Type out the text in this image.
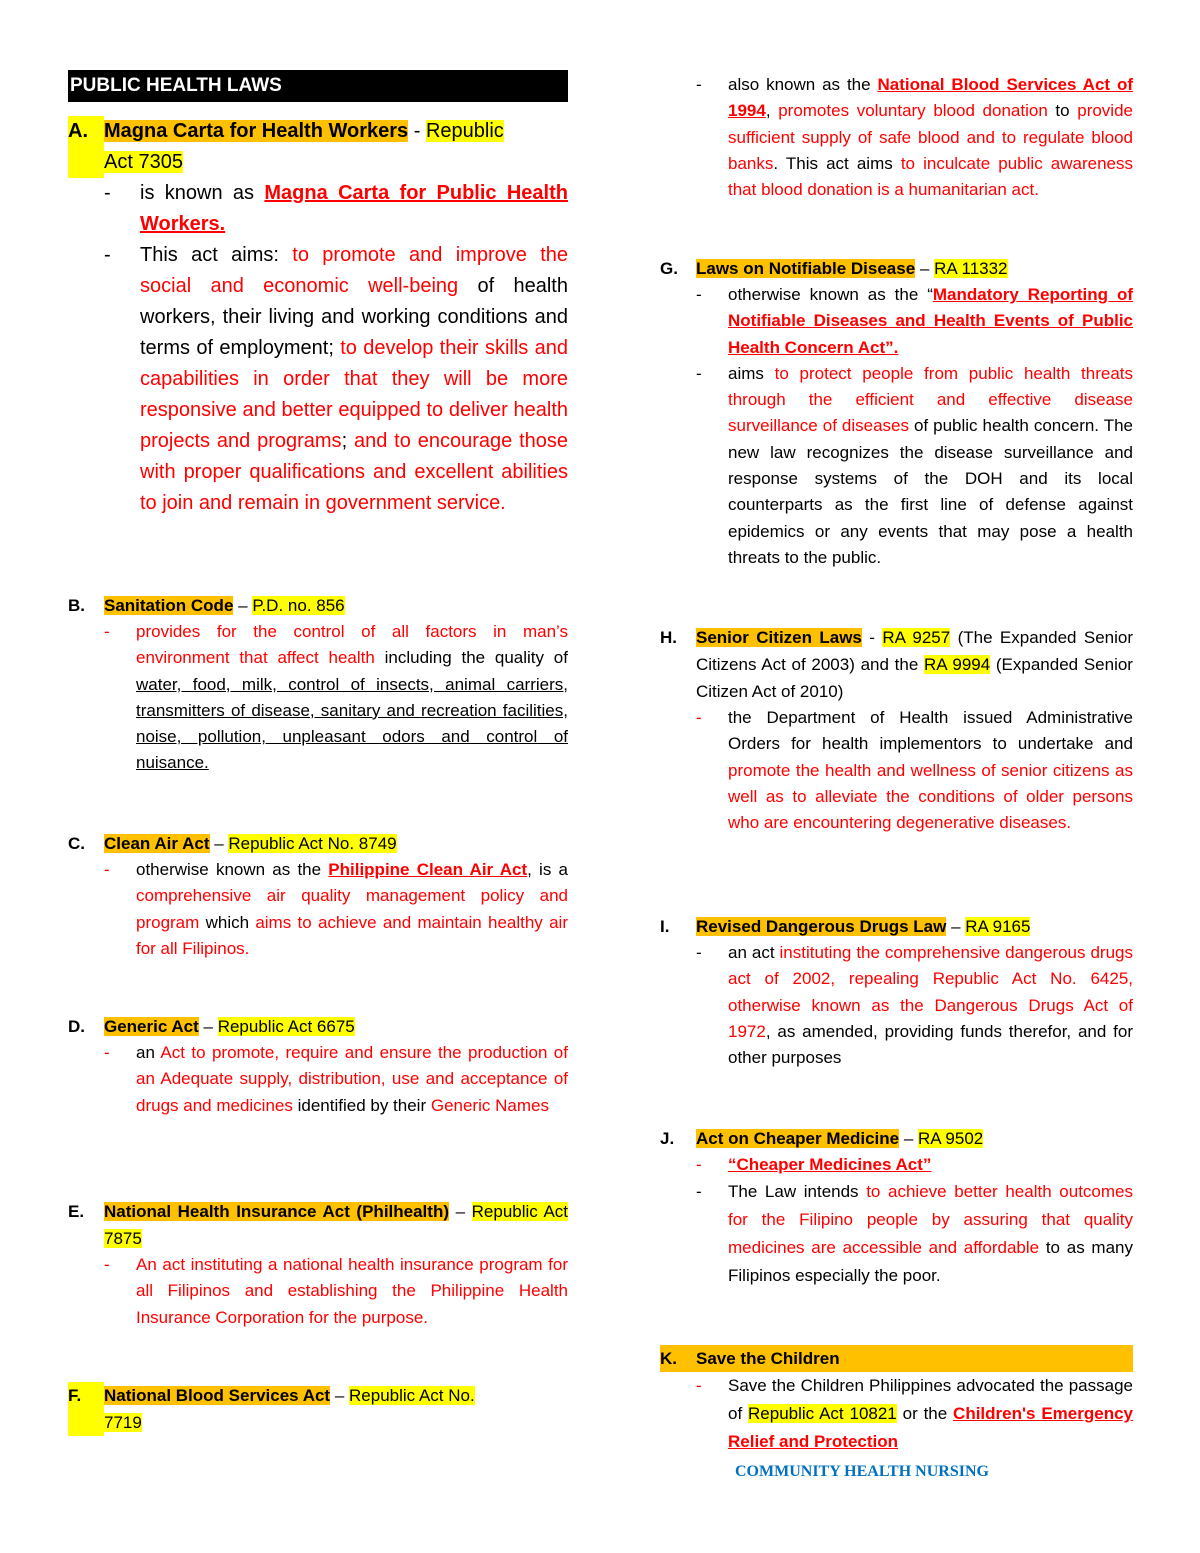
PUBLIC HEALTH LAWS
A. Magna Carta for Health Workers - Republic
Act 7305
-	is known as Magna Carta for Public Health Workers.
-	This act aims: to promote and improve the social and economic well-being of health workers, their living and working conditions and terms of employment; to develop their skills and capabilities in order that they will be more responsive and better equipped to deliver health projects and programs; and to encourage those with proper qualifications and excellent abilities to join and remain in government service.
B.	Sanitation Code – P.D. no. 856
-	provides for the control of all factors in man’s environment that affect health including the quality of water, food, milk, control of insects, animal carriers, transmitters of disease, sanitary and recreation facilities, noise, pollution, unpleasant odors and control of nuisance.
C.	Clean Air Act – Republic Act No. 8749
-	otherwise known as the Philippine Clean Air Act, is a comprehensive air quality management policy and program which aims to achieve and maintain healthy air for all Filipinos.
D.	Generic Act – Republic Act 6675
-	an Act to promote, require and ensure the production of an Adequate supply, distribution, use and acceptance of drugs and medicines identified by their Generic Names
E.	National Health Insurance Act (Philhealth) – Republic Act 7875
-	An act instituting a national health insurance program for all Filipinos and establishing the Philippine Health Insurance Corporation for the purpose.
F.	National Blood Services Act – Republic Act No.
7719
-	also known as the National Blood Services Act of 1994, promotes voluntary blood donation to provide sufficient supply of safe blood and to regulate blood banks. This act aims to inculcate public awareness that blood donation is a humanitarian act.
G.	Laws on Notifiable Disease – RA 11332
-	otherwise known as the “Mandatory Reporting of Notifiable Diseases and Health Events of Public Health Concern Act”.
-	aims to protect people from public health threats through the efficient and effective disease surveillance of diseases of public health concern. The new law recognizes the disease surveillance and response systems of the DOH and its local counterparts as the first line of defense against epidemics or any events that may pose a health threats to the public.
H.	Senior Citizen Laws - RA 9257 (The Expanded Senior Citizens Act of 2003) and the RA 9994 (Expanded Senior Citizen Act of 2010)
-	the Department of Health issued Administrative Orders for health implementors to undertake and promote the health and wellness of senior citizens as well as to alleviate the conditions of older persons who are encountering degenerative diseases.
I.	Revised Dangerous Drugs Law – RA 9165
-	an act instituting the comprehensive dangerous drugs act of 2002, repealing Republic Act No. 6425, otherwise known as the Dangerous Drugs Act of 1972, as amended, providing funds therefor, and for other purposes
J.	Act on Cheaper Medicine – RA 9502
-	“Cheaper Medicines Act”
-	The Law intends to achieve better health outcomes for the Filipino people by assuring that quality medicines are accessible and affordable to as many Filipinos especially the poor.
K.	Save the Children
-	Save the Children Philippines advocated the passage of Republic Act 10821 or the Children's Emergency Relief and Protection
COMMUNITY HEALTH NURSING
